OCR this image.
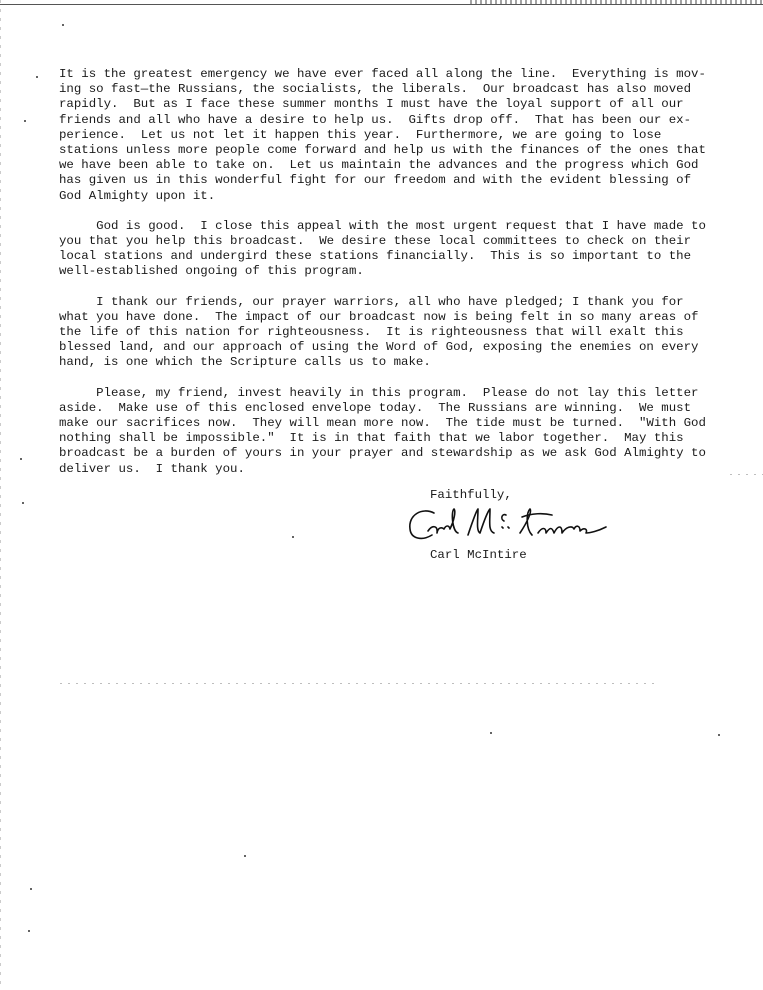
It is the greatest emergency we have ever faced all along the line.  Everything is mov-
ing so fast—the Russians, the socialists, the liberals.  Our broadcast has also moved
rapidly.  But as I face these summer months I must have the loyal support of all our
friends and all who have a desire to help us.  Gifts drop off.  That has been our ex-
perience.  Let us not let it happen this year.  Furthermore, we are going to lose
stations unless more people come forward and help us with the finances of the ones that
we have been able to take on.  Let us maintain the advances and the progress which God
has given us in this wonderful fight for our freedom and with the evident blessing of
God Almighty upon it.
God is good.  I close this appeal with the most urgent request that I have made to
you that you help this broadcast.  We desire these local committees to check on their
local stations and undergird these stations financially.  This is so important to the
well-established ongoing of this program.
I thank our friends, our prayer warriors, all who have pledged; I thank you for
what you have done.  The impact of our broadcast now is being felt in so many areas of
the life of this nation for righteousness.  It is righteousness that will exalt this
blessed land, and our approach of using the Word of God, exposing the enemies on every
hand, is one which the Scripture calls us to make.
Please, my friend, invest heavily in this program.  Please do not lay this letter
aside.  Make use of this enclosed envelope today.  The Russians are winning.  We must
make our sacrifices now.  They will mean more now.  The tide must be turned.  "With God
nothing shall be impossible."  It is in that faith that we labor together.  May this
broadcast be a burden of yours in your prayer and stewardship as we ask God Almighty to
deliver us.  I thank you.
Faithfully,
Carl McIntire
